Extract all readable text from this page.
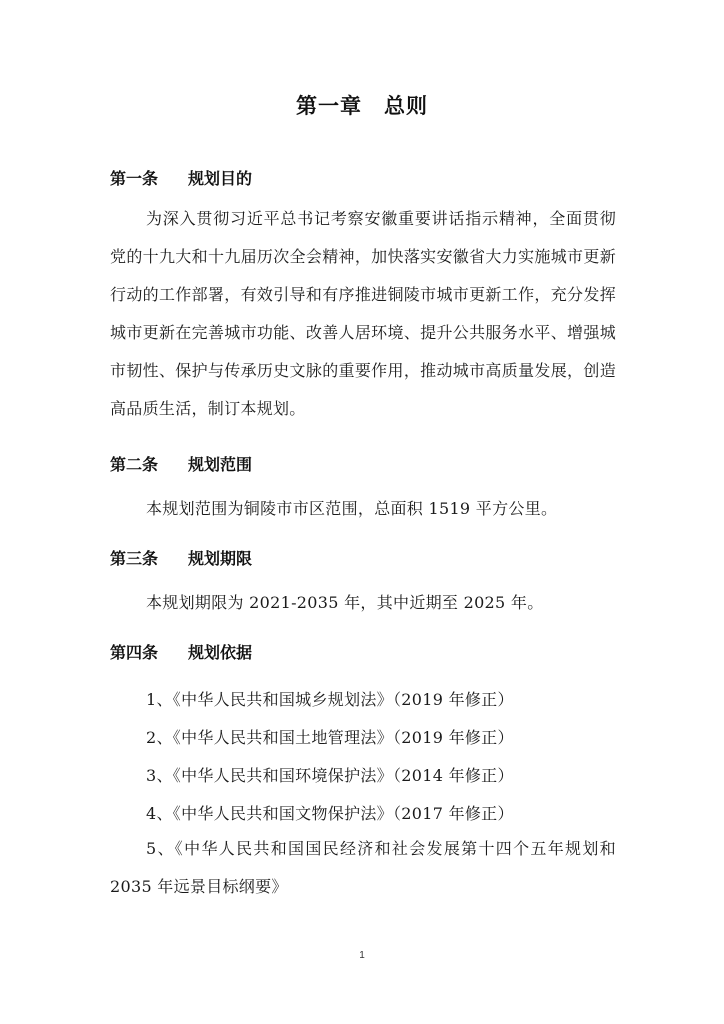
第一章　总则
第一条 规划目的
为深入贯彻习近平总书记考察安徽重要讲话指示精神，全面贯彻党的十九大和十九届历次全会精神，加快落实安徽省大力实施城市更新行动的工作部署，有效引导和有序推进铜陵市城市更新工作，充分发挥城市更新在完善城市功能、改善人居环境、提升公共服务水平、增强城市韧性、保护与传承历史文脉的重要作用，推动城市高质量发展，创造高品质生活，制订本规划。
第二条 规划范围
本规划范围为铜陵市市区范围，总面积 1519 平方公里。
第三条 规划期限
本规划期限为 2021-2035 年，其中近期至 2025 年。
第四条 规划依据
1、《中华人民共和国城乡规划法》（2019 年修正）
2、《中华人民共和国土地管理法》（2019 年修正）
3、《中华人民共和国环境保护法》（2014 年修正）
4、《中华人民共和国文物保护法》（2017 年修正）
5、《中华人民共和国国民经济和社会发展第十四个五年规划和 2035 年远景目标纲要》
1
